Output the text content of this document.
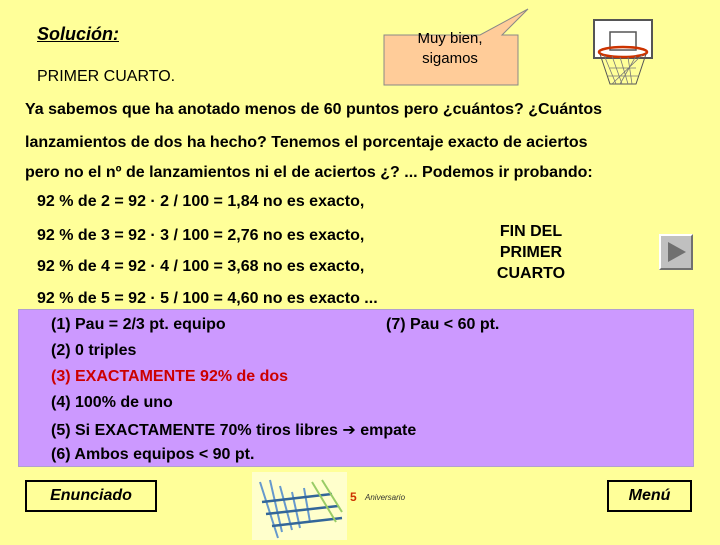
Solución:
PRIMER CUARTO.
Muy bien,
sigamos
Ya sabemos que ha anotado menos de 60 puntos pero ¿cuántos? ¿Cuántos
lanzamientos de dos ha hecho? Tenemos el porcentaje exacto de aciertos
pero no el nº de lanzamientos ni el de aciertos ¿? ... Podemos ir probando:
92 % de 2 = 92 · 2 / 100 = 1,84 no es exacto,
92 % de 3 = 92 · 3 / 100 = 2,76 no es exacto,
92 % de 4 = 92 · 4 / 100 = 3,68 no es exacto,
92 % de 5 = 92 · 5 / 100 = 4,60 no es exacto ...
FIN DEL
PRIMER
CUARTO
(1) Pau = 2/3 pt. equipo	(7) Pau < 60 pt.
(2) 0 triples
(3) EXACTAMENTE 92% de dos
(4) 100% de uno
(5) Si EXACTAMENTE 70% tiros libres ➔ empate
(6) Ambos equipos < 90 pt.
Enunciado	5 Aniversario	Menú
